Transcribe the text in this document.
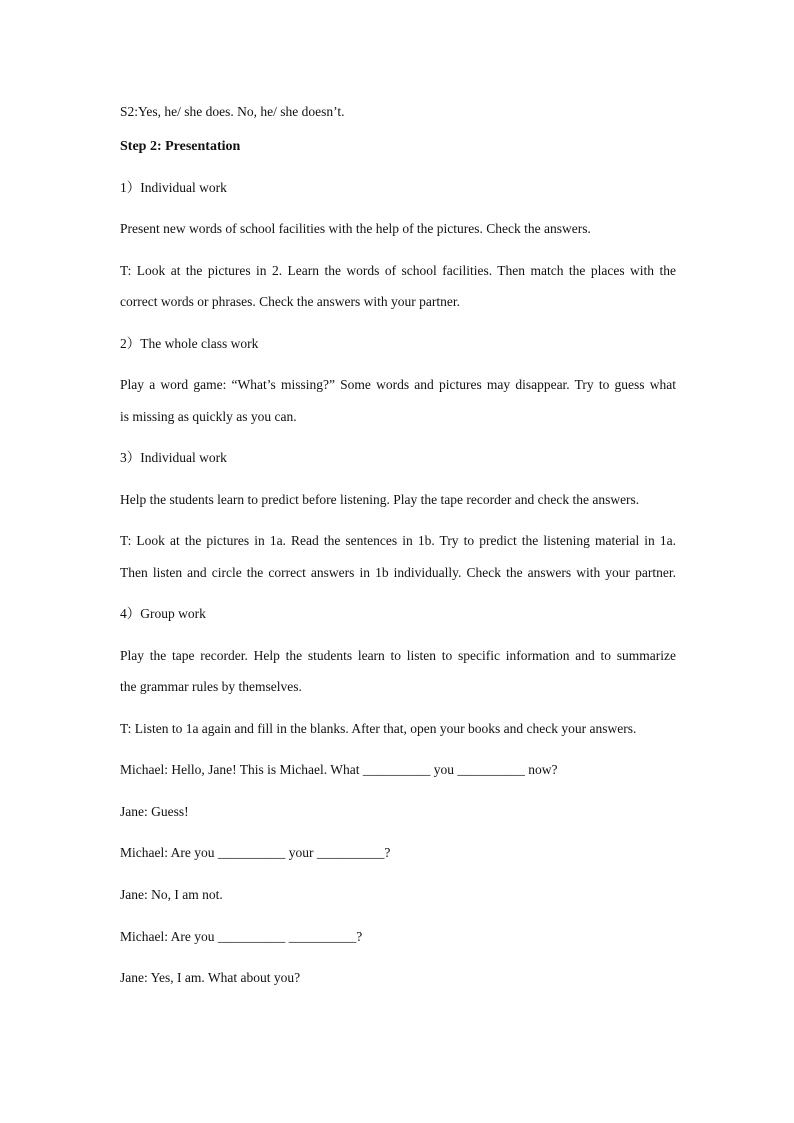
S2:Yes, he/ she does. No, he/ she doesn’t.
Step 2: Presentation
1）Individual work
Present new words of school facilities with the help of the pictures. Check the answers.
T: Look at the pictures in 2. Learn the words of school facilities. Then match the places with the
correct words or phrases. Check the answers with your partner.
2）The whole class work
Play a word game: “What’s missing?” Some words and pictures may disappear. Try to guess what
is missing as quickly as you can.
3）Individual work
Help the students learn to predict before listening. Play the tape recorder and check the answers.
T: Look at the pictures in 1a. Read the sentences in 1b. Try to predict the listening material in 1a.
Then listen and circle the correct answers in 1b individually. Check the answers with your partner.
4）Group work
Play the tape recorder. Help the students learn to listen to specific information and to summarize
the grammar rules by themselves.
T: Listen to 1a again and fill in the blanks. After that, open your books and check your answers.
Michael: Hello, Jane! This is Michael. What __________ you __________ now?
Jane: Guess!
Michael: Are you __________ your __________?
Jane: No, I am not.
Michael: Are you __________ __________?
Jane: Yes, I am. What about you?
